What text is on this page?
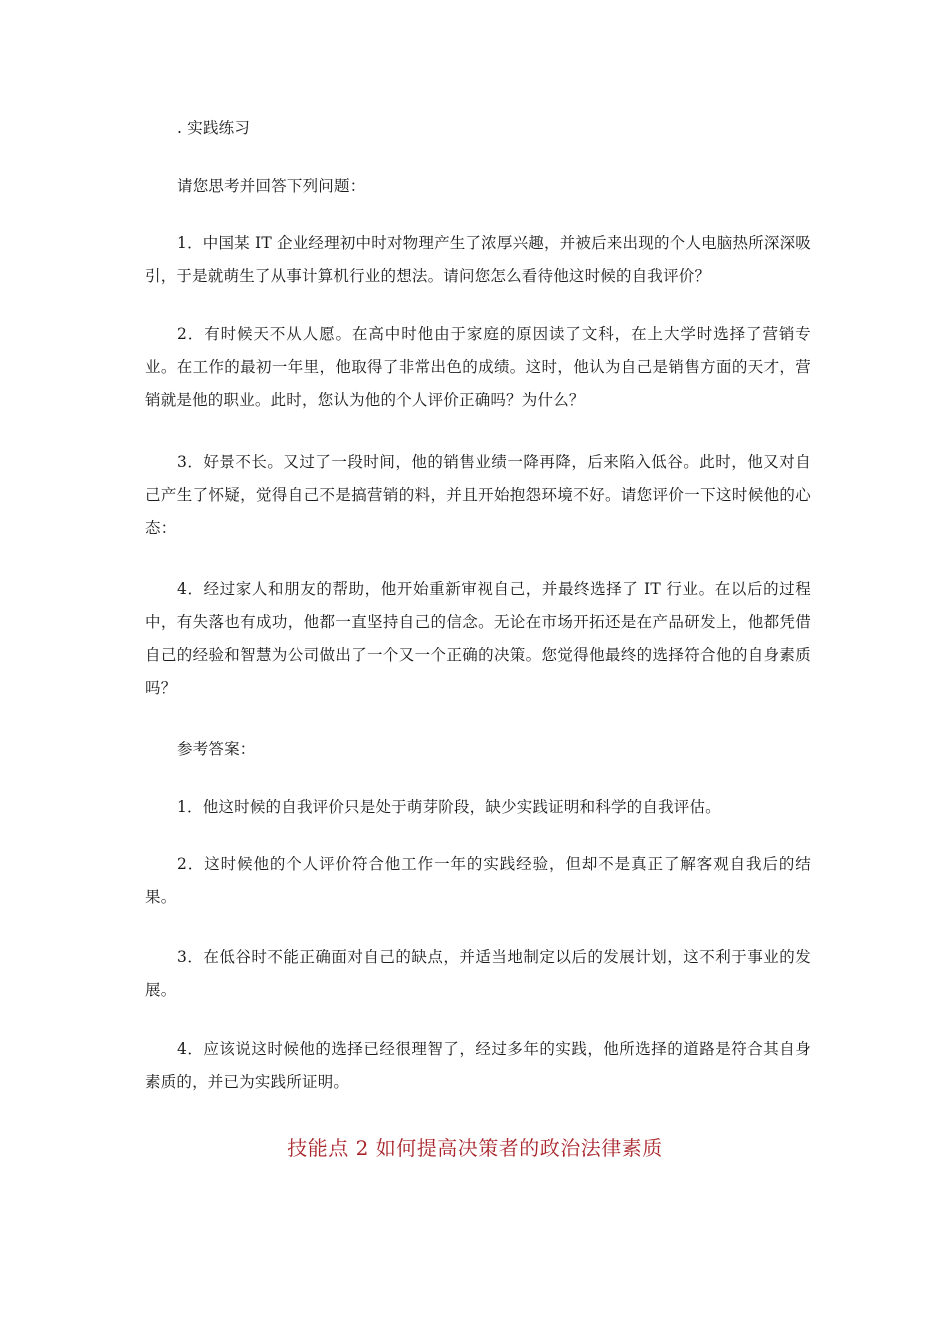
. 实践练习

请您思考并回答下列问题：

1．中国某 IT 企业经理初中时对物理产生了浓厚兴趣，并被后来出现的个人电脑热所深深吸引，于是就萌生了从事计算机行业的想法。请问您怎么看待他这时候的自我评价？

2．有时候天不从人愿。在高中时他由于家庭的原因读了文科，在上大学时选择了营销专业。在工作的最初一年里，他取得了非常出色的成绩。这时，他认为自己是销售方面的天才，营销就是他的职业。此时，您认为他的个人评价正确吗？为什么？

3．好景不长。又过了一段时间，他的销售业绩一降再降，后来陷入低谷。此时，他又对自己产生了怀疑，觉得自己不是搞营销的料，并且开始抱怨环境不好。请您评价一下这时候他的心态：

4．经过家人和朋友的帮助，他开始重新审视自己，并最终选择了 IT 行业。在以后的过程中，有失落也有成功，他都一直坚持自己的信念。无论在市场开拓还是在产品研发上，他都凭借自己的经验和智慧为公司做出了一个又一个正确的决策。您觉得他最终的选择符合他的自身素质吗？

参考答案：

1．他这时候的自我评价只是处于萌芽阶段，缺少实践证明和科学的自我评估。

2．这时候他的个人评价符合他工作一年的实践经验，但却不是真正了解客观自我后的结果。

3．在低谷时不能正确面对自己的缺点，并适当地制定以后的发展计划，这不利于事业的发展。

4．应该说这时候他的选择已经很理智了，经过多年的实践，他所选择的道路是符合其自身素质的，并已为实践所证明。

技能点 2 如何提高决策者的政治法律素质
